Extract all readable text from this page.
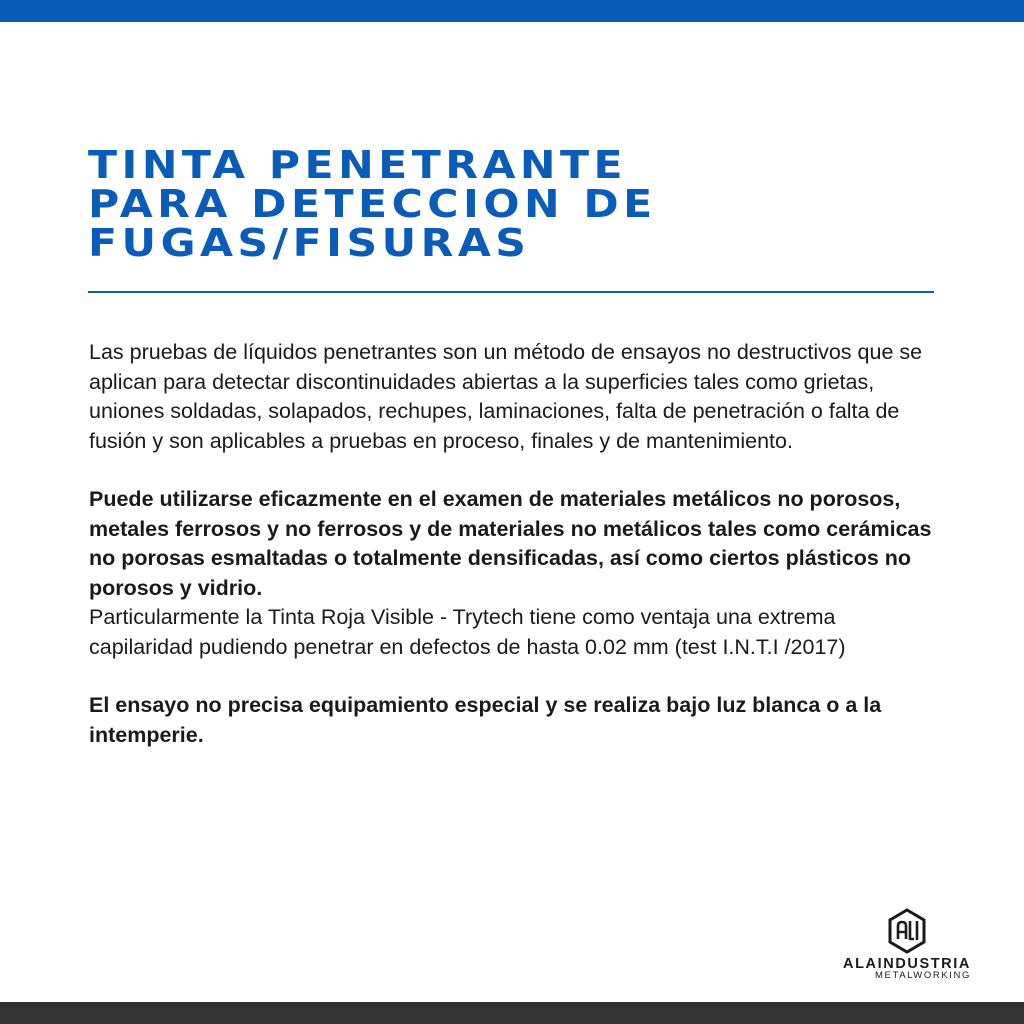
TINTA PENETRANTE
PARA DETECCION DE
FUGAS/FISURAS

Las pruebas de líquidos penetrantes son un método de ensayos no destructivos que se aplican para detectar discontinuidades abiertas a la superficies tales como grietas, uniones soldadas, solapados, rechupes, laminaciones, falta de penetración o falta de fusión y son aplicables a pruebas en proceso, finales y de mantenimiento.

Puede utilizarse eficazmente en el examen de materiales metálicos no porosos, metales ferrosos y no ferrosos y de materiales no metálicos tales como cerámicas no porosas esmaltadas o totalmente densificadas, así como ciertos plásticos no porosos y vidrio.

Particularmente la Tinta Roja Visible - Trytech tiene como ventaja una extrema capilaridad pudiendo penetrar en defectos de hasta 0.02 mm (test I.N.T.I /2017)

El ensayo no precisa equipamiento especial y se realiza bajo luz blanca o a la intemperie.

ALAINDUSTRIA
METALWORKING
